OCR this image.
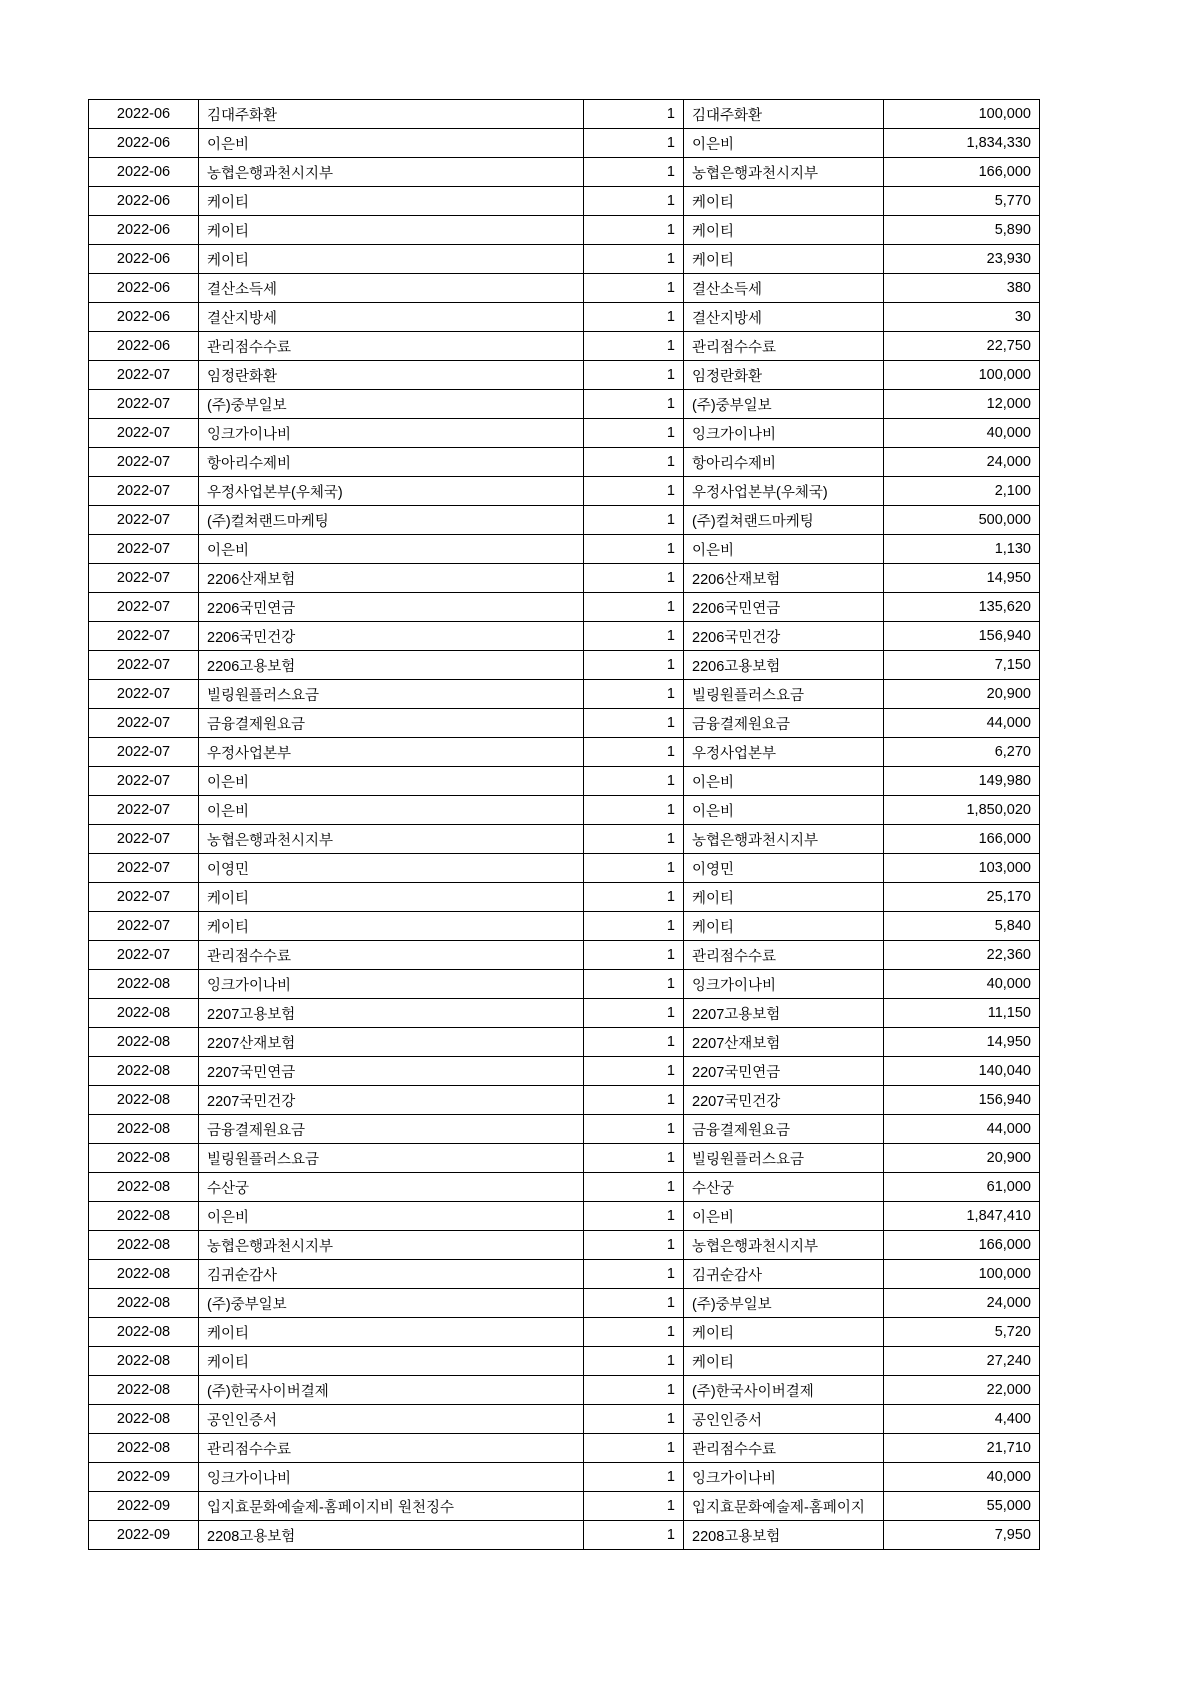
2022-06	김대주화환	1	김대주화환	100,000
2022-06	이은비	1	이은비	1,834,330
2022-06	농협은행과천시지부	1	농협은행과천시지부	166,000
2022-06	케이티	1	케이티	5,770
2022-06	케이티	1	케이티	5,890
2022-06	케이티	1	케이티	23,930
2022-06	결산소득세	1	결산소득세	380
2022-06	결산지방세	1	결산지방세	30
2022-06	관리점수수료	1	관리점수수료	22,750
2022-07	임정란화환	1	임정란화환	100,000
2022-07	(주)중부일보	1	(주)중부일보	12,000
2022-07	잉크가이나비	1	잉크가이나비	40,000
2022-07	항아리수제비	1	항아리수제비	24,000
2022-07	우정사업본부(우체국)	1	우정사업본부(우체국)	2,100
2022-07	(주)컬쳐랜드마케팅	1	(주)컬쳐랜드마케팅	500,000
2022-07	이은비	1	이은비	1,130
2022-07	2206산재보험	1	2206산재보험	14,950
2022-07	2206국민연금	1	2206국민연금	135,620
2022-07	2206국민건강	1	2206국민건강	156,940
2022-07	2206고용보험	1	2206고용보험	7,150
2022-07	빌링원플러스요금	1	빌링원플러스요금	20,900
2022-07	금융결제원요금	1	금융결제원요금	44,000
2022-07	우정사업본부	1	우정사업본부	6,270
2022-07	이은비	1	이은비	149,980
2022-07	이은비	1	이은비	1,850,020
2022-07	농협은행과천시지부	1	농협은행과천시지부	166,000
2022-07	이영민	1	이영민	103,000
2022-07	케이티	1	케이티	25,170
2022-07	케이티	1	케이티	5,840
2022-07	관리점수수료	1	관리점수수료	22,360
2022-08	잉크가이나비	1	잉크가이나비	40,000
2022-08	2207고용보험	1	2207고용보험	11,150
2022-08	2207산재보험	1	2207산재보험	14,950
2022-08	2207국민연금	1	2207국민연금	140,040
2022-08	2207국민건강	1	2207국민건강	156,940
2022-08	금융결제원요금	1	금융결제원요금	44,000
2022-08	빌링원플러스요금	1	빌링원플러스요금	20,900
2022-08	수산궁	1	수산궁	61,000
2022-08	이은비	1	이은비	1,847,410
2022-08	농협은행과천시지부	1	농협은행과천시지부	166,000
2022-08	김귀순감사	1	김귀순감사	100,000
2022-08	(주)중부일보	1	(주)중부일보	24,000
2022-08	케이티	1	케이티	5,720
2022-08	케이티	1	케이티	27,240
2022-08	(주)한국사이버결제	1	(주)한국사이버결제	22,000
2022-08	공인인증서	1	공인인증서	4,400
2022-08	관리점수수료	1	관리점수수료	21,710
2022-09	잉크가이나비	1	잉크가이나비	40,000
2022-09	입지효문화예술제-홈페이지비 원천징수	1	입지효문화예술제-홈페이지	55,000
2022-09	2208고용보험	1	2208고용보험	7,950
